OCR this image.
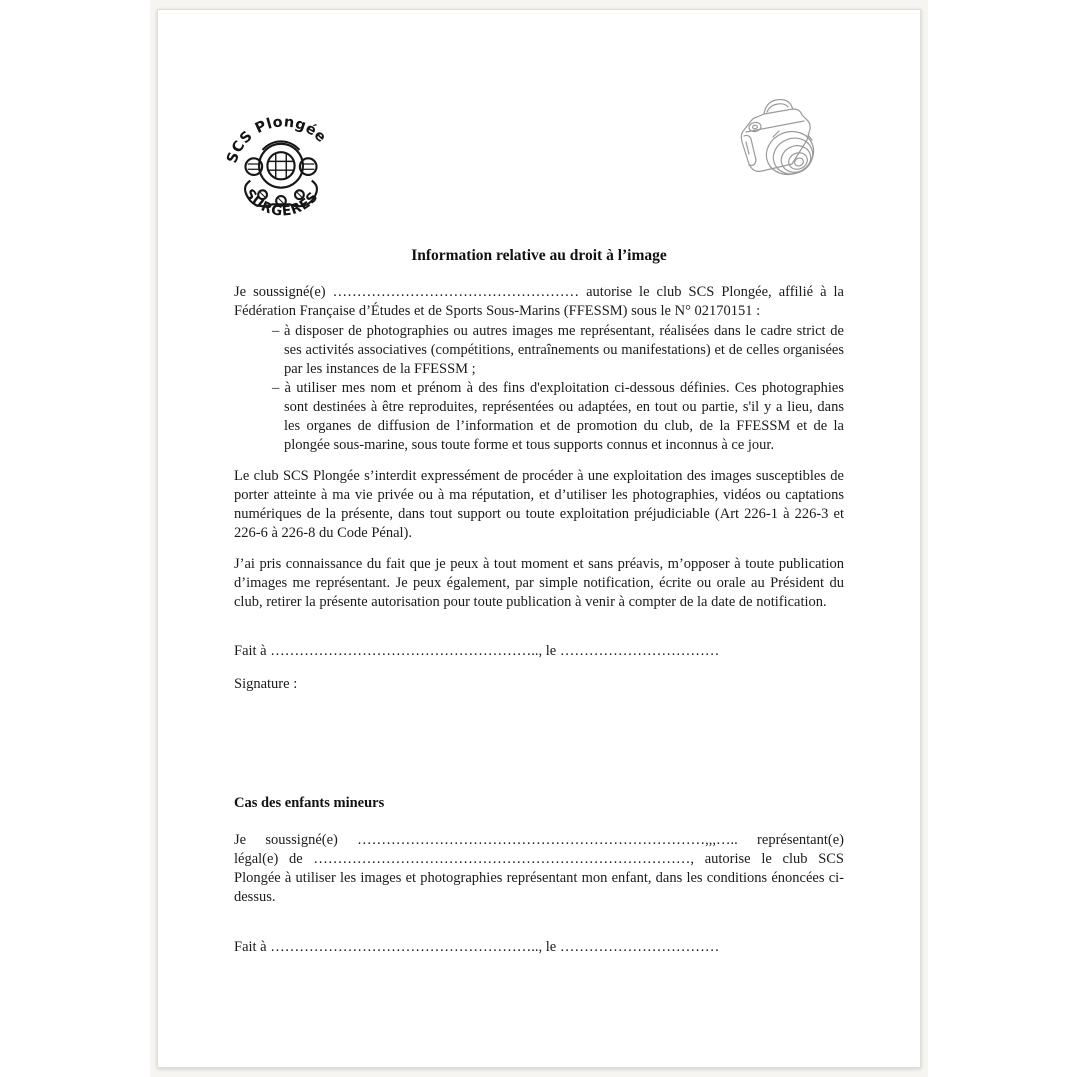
SCS Plongée
SURGERES
Information relative au droit à l’image

Je soussigné(e) …………………………………………… autorise le club SCS Plongée, affilié à la Fédération Française d’Études et de Sports Sous-Marins (FFESSM) sous le N° 02170151 :

– à disposer de photographies ou autres images me représentant, réalisées dans le cadre strict de ses activités associatives (compétitions, entraînements ou manifestations) et de celles organisées par les instances de la FFESSM ;

– à utiliser mes nom et prénom à des fins d'exploitation ci-dessous définies. Ces photographies sont destinées à être reproduites, représentées ou adaptées, en tout ou partie, s'il y a lieu, dans les organes de diffusion de l’information et de promotion du club, de la FFESSM et de la plongée sous-marine, sous toute forme et tous supports connus et inconnus à ce jour.

Le club SCS Plongée s’interdit expressément de procéder à une exploitation des images susceptibles de porter atteinte à ma vie privée ou à ma réputation, et d’utiliser les photographies, vidéos ou captations numériques de la présente, dans tout support ou toute exploitation préjudiciable (Art 226-1 à 226-3 et 226-6 à 226-8 du Code Pénal).

J’ai pris connaissance du fait que je peux à tout moment et sans préavis, m’opposer à toute publication d’images me représentant. Je peux également, par simple notification, écrite ou orale au Président du club, retirer la présente autorisation pour toute publication à venir à compter de la date de notification.

Fait à ……………………………………………….., le ……………………………

Signature :

Cas des enfants mineurs

Je soussigné(e) ………………………………………………………………,,,….. représentant(e) légal(e) de ……………………………………………………………………, autorise le club SCS Plongée à utiliser les images et photographies représentant mon enfant, dans les conditions énoncées ci-dessus.

Fait à ……………………………………………….., le ……………………………
